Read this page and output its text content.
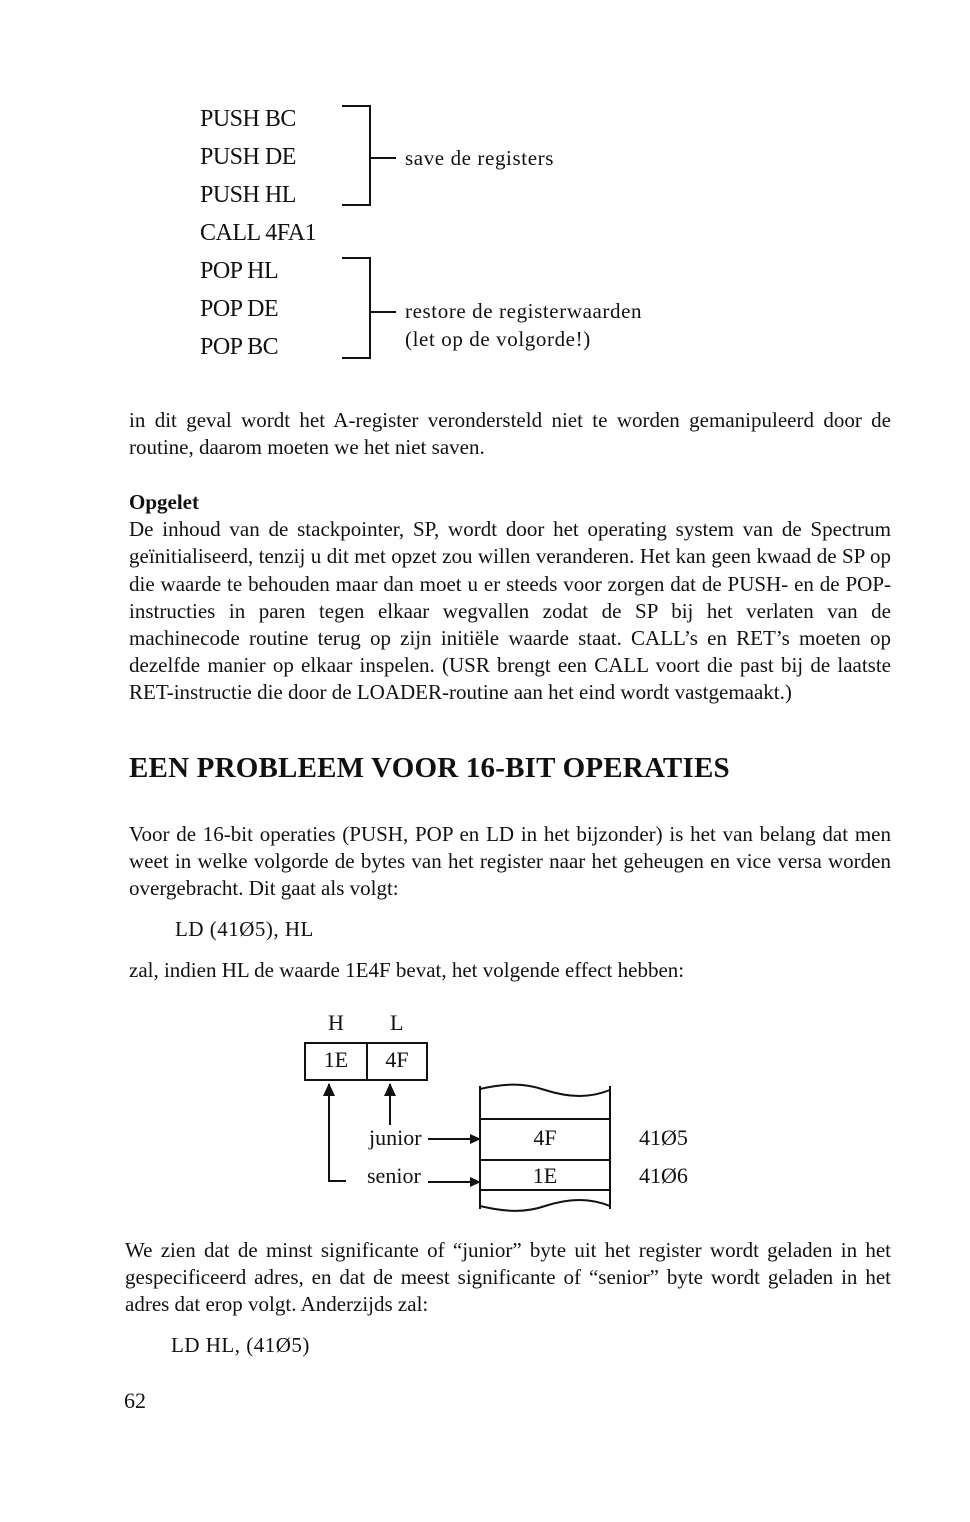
PUSH BC
PUSH DE
PUSH HL
CALL 4FA1
POP HL
POP DE
POP BC
save de registers
restore de registerwaarden
(let op de volgorde!)

in dit geval wordt het A-register verondersteld niet te worden gemanipuleerd door de routine, daarom moeten we het niet saven.

Opgelet

De inhoud van de stackpointer, SP, wordt door het operating system van de Spectrum geïnitialiseerd, tenzij u dit met opzet zou willen veranderen. Het kan geen kwaad de SP op die waarde te behouden maar dan moet u er steeds voor zorgen dat de PUSH- en de POP-instructies in paren tegen elkaar wegvallen zodat de SP bij het verlaten van de machinecode routine terug op zijn initiële waarde staat. CALL’s en RET’s moeten op dezelfde manier op elkaar inspelen. (USR brengt een CALL voort die past bij de laatste RET-instructie die door de LOADER-routine aan het eind wordt vastgemaakt.)

EEN PROBLEEM VOOR 16-BIT OPERATIES

Voor de 16-bit operaties (PUSH, POP en LD in het bijzonder) is het van belang dat men weet in welke volgorde de bytes van het register naar het geheugen en vice versa worden overgebracht. Dit gaat als volgt:

LD (41Ø5), HL

zal, indien HL de waarde 1E4F bevat, het volgende effect hebben:

H L
1E	4F
junior
senior
4F
1E
41Ø5
41Ø6

We zien dat de minst significante of “junior” byte uit het register wordt geladen in het gespecificeerd adres, en dat de meest significante of “senior” byte wordt geladen in het adres dat erop volgt. Anderzijds zal:

LD HL, (41Ø5)
62
